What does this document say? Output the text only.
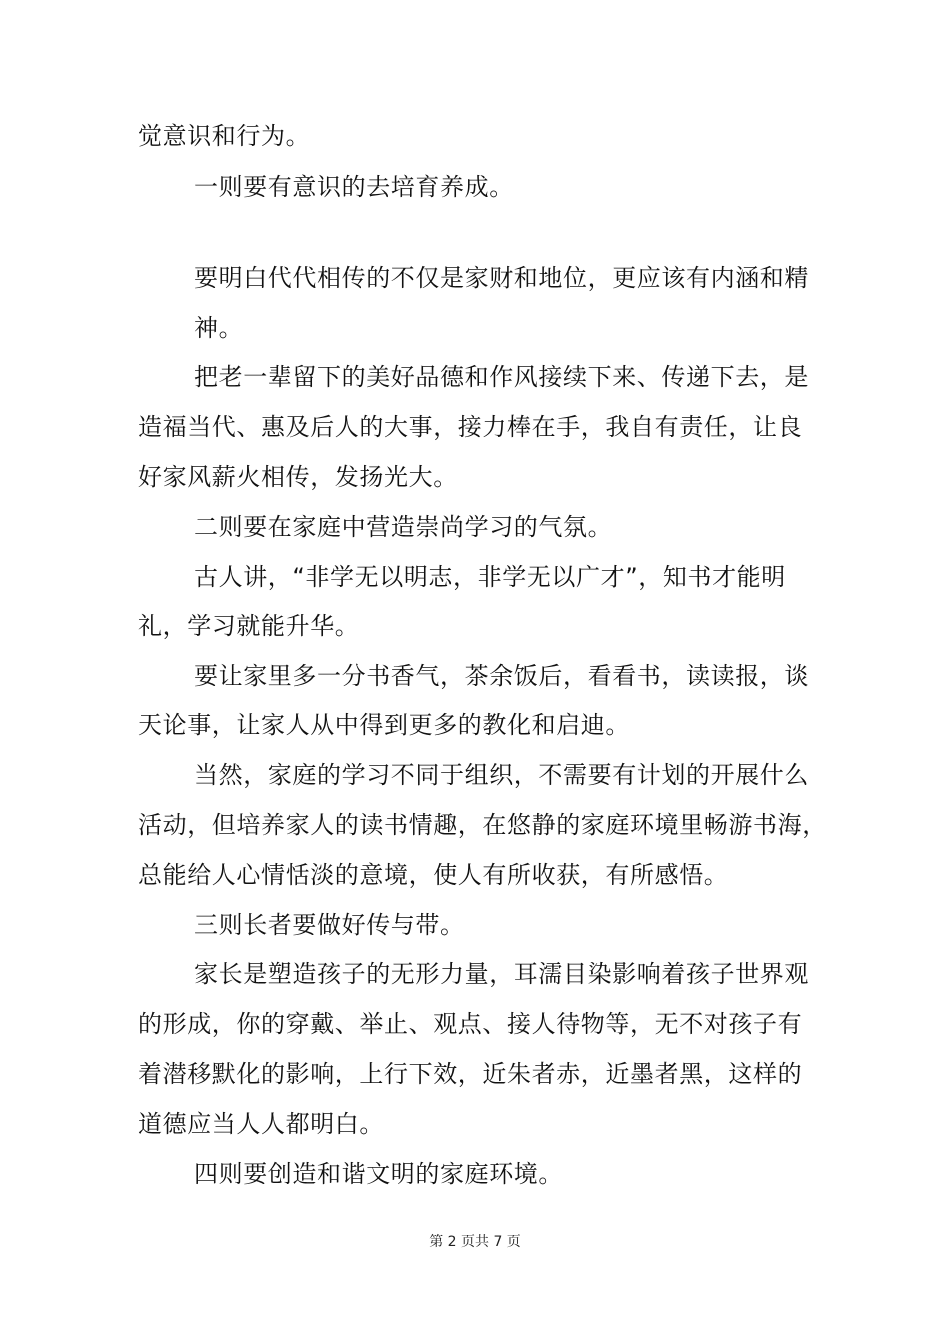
觉意识和行为。
一则要有意识的去培育养成。
要明白代代相传的不仅是家财和地位，更应该有内涵和精
神。
把老一辈留下的美好品德和作风接续下来、传递下去，是
造福当代、惠及后人的大事，接力棒在手，我自有责任，让良
好家风薪火相传，发扬光大。
二则要在家庭中营造崇尚学习的气氛。
古人讲，“非学无以明志，非学无以广才”，知书才能明
礼，学习就能升华。
要让家里多一分书香气，茶余饭后，看看书，读读报，谈
天论事，让家人从中得到更多的教化和启迪。
当然，家庭的学习不同于组织，不需要有计划的开展什么
活动，但培养家人的读书情趣，在悠静的家庭环境里畅游书海，
总能给人心情恬淡的意境，使人有所收获，有所感悟。
三则长者要做好传与带。
家长是塑造孩子的无形力量，耳濡目染影响着孩子世界观
的形成，你的穿戴、举止、观点、接人待物等，无不对孩子有
着潜移默化的影响，上行下效，近朱者赤，近墨者黑，这样的
道德应当人人都明白。
四则要创造和谐文明的家庭环境。
第 2 页共 7 页
